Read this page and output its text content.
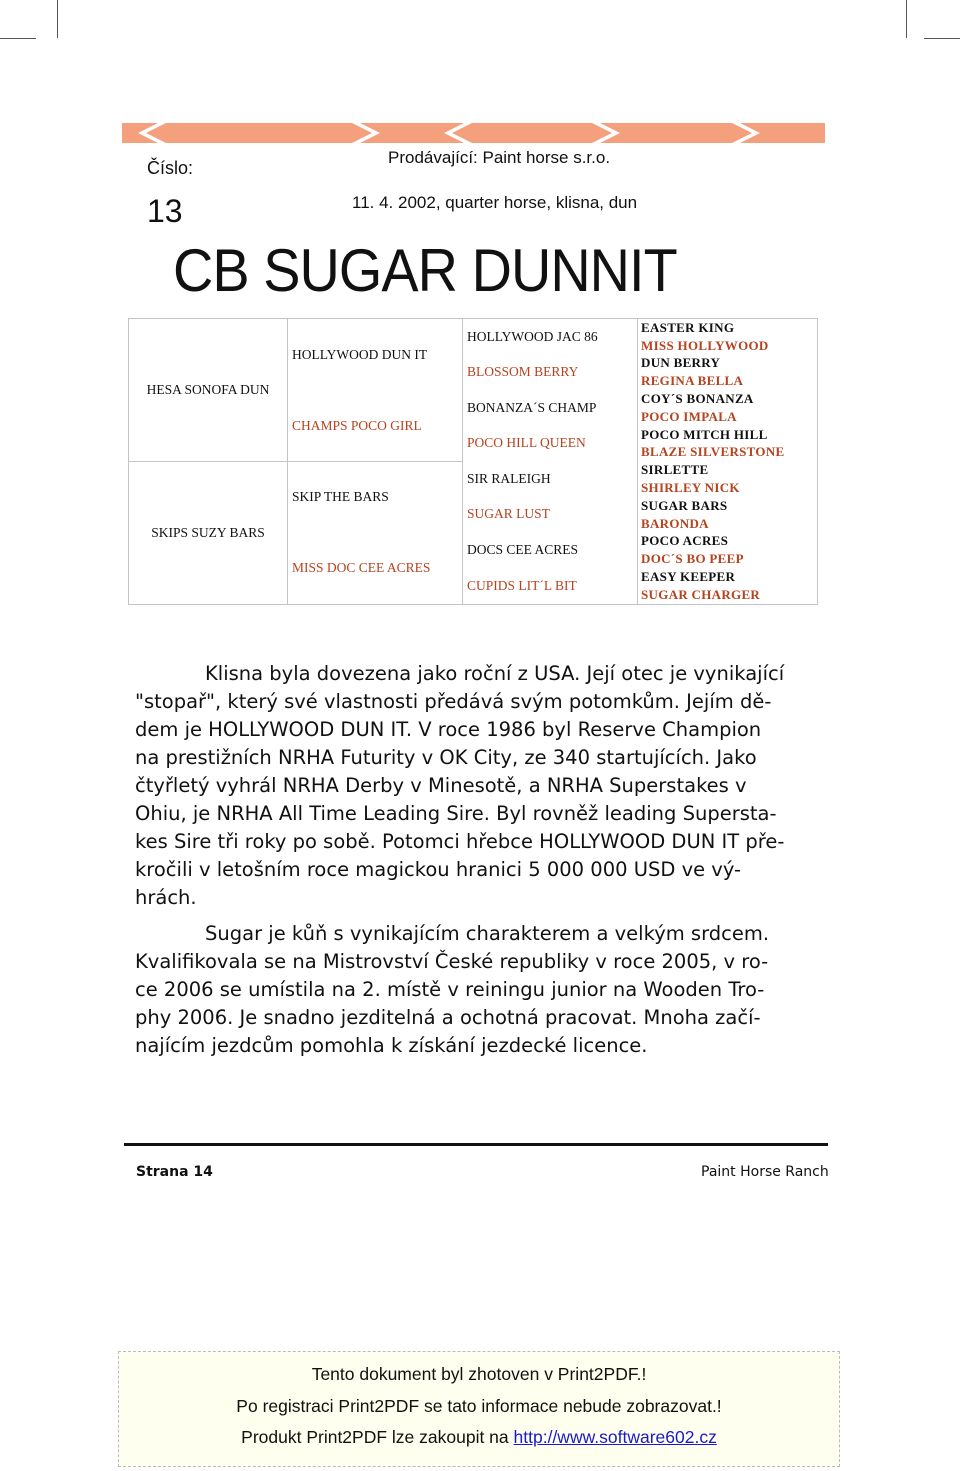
Číslo:
13
Prodávající: Paint horse s.r.o.
11. 4. 2002, quarter horse, klisna, dun
CB SUGAR DUNNIT
HESA SONOFA DUN
SKIPS SUZY BARS
HOLLYWOOD DUN IT
CHAMPS POCO GIRL
SKIP THE BARS
MISS DOC CEE ACRES
HOLLYWOOD JAC 86
BLOSSOM BERRY
BONANZA´S CHAMP
POCO HILL QUEEN
SIR RALEIGH
SUGAR LUST
DOCS CEE ACRES
CUPIDS LIT´L BIT
EASTER KING
MISS HOLLYWOOD
DUN BERRY
REGINA BELLA
COY´S BONANZA
POCO IMPALA
POCO MITCH HILL
BLAZE SILVERSTONE
SIRLETTE
SHIRLEY NICK
SUGAR BARS
BARONDA
POCO ACRES
DOC´S BO PEEP
EASY KEEPER
SUGAR CHARGER
Klisna byla dovezena jako roční z USA. Její otec je vynikající
"stopař", který své vlastnosti předává svým potomkům. Jejím dě-
dem je HOLLYWOOD DUN IT. V roce 1986 byl Reserve Champion
na prestižních NRHA Futurity v OK City, ze 340 startujících. Jako
čtyřletý vyhrál NRHA Derby v Minesotě, a NRHA Superstakes v
Ohiu, je NRHA All Time Leading Sire. Byl rovněž leading Supersta-
kes Sire tři roky po sobě. Potomci hřebce HOLLYWOOD DUN IT pře-
kročili v letošním roce magickou hranici 5 000 000 USD ve vý-
hrách.
Sugar je kůň s vynikajícím charakterem a velkým srdcem.
Kvalifikovala se na Mistrovství České republiky v roce 2005, v ro-
ce 2006 se umístila na 2. místě v reiningu junior na Wooden Tro-
phy 2006. Je snadno jezditelná a ochotná pracovat. Mnoha začí-
najícím jezdcům pomohla k získání jezdecké licence.
Strana 14	Paint Horse Ranch
Tento dokument byl zhotoven v Print2PDF.!
Po registraci Print2PDF se tato informace nebude zobrazovat.!
Produkt Print2PDF lze zakoupit na http://www.software602.cz
